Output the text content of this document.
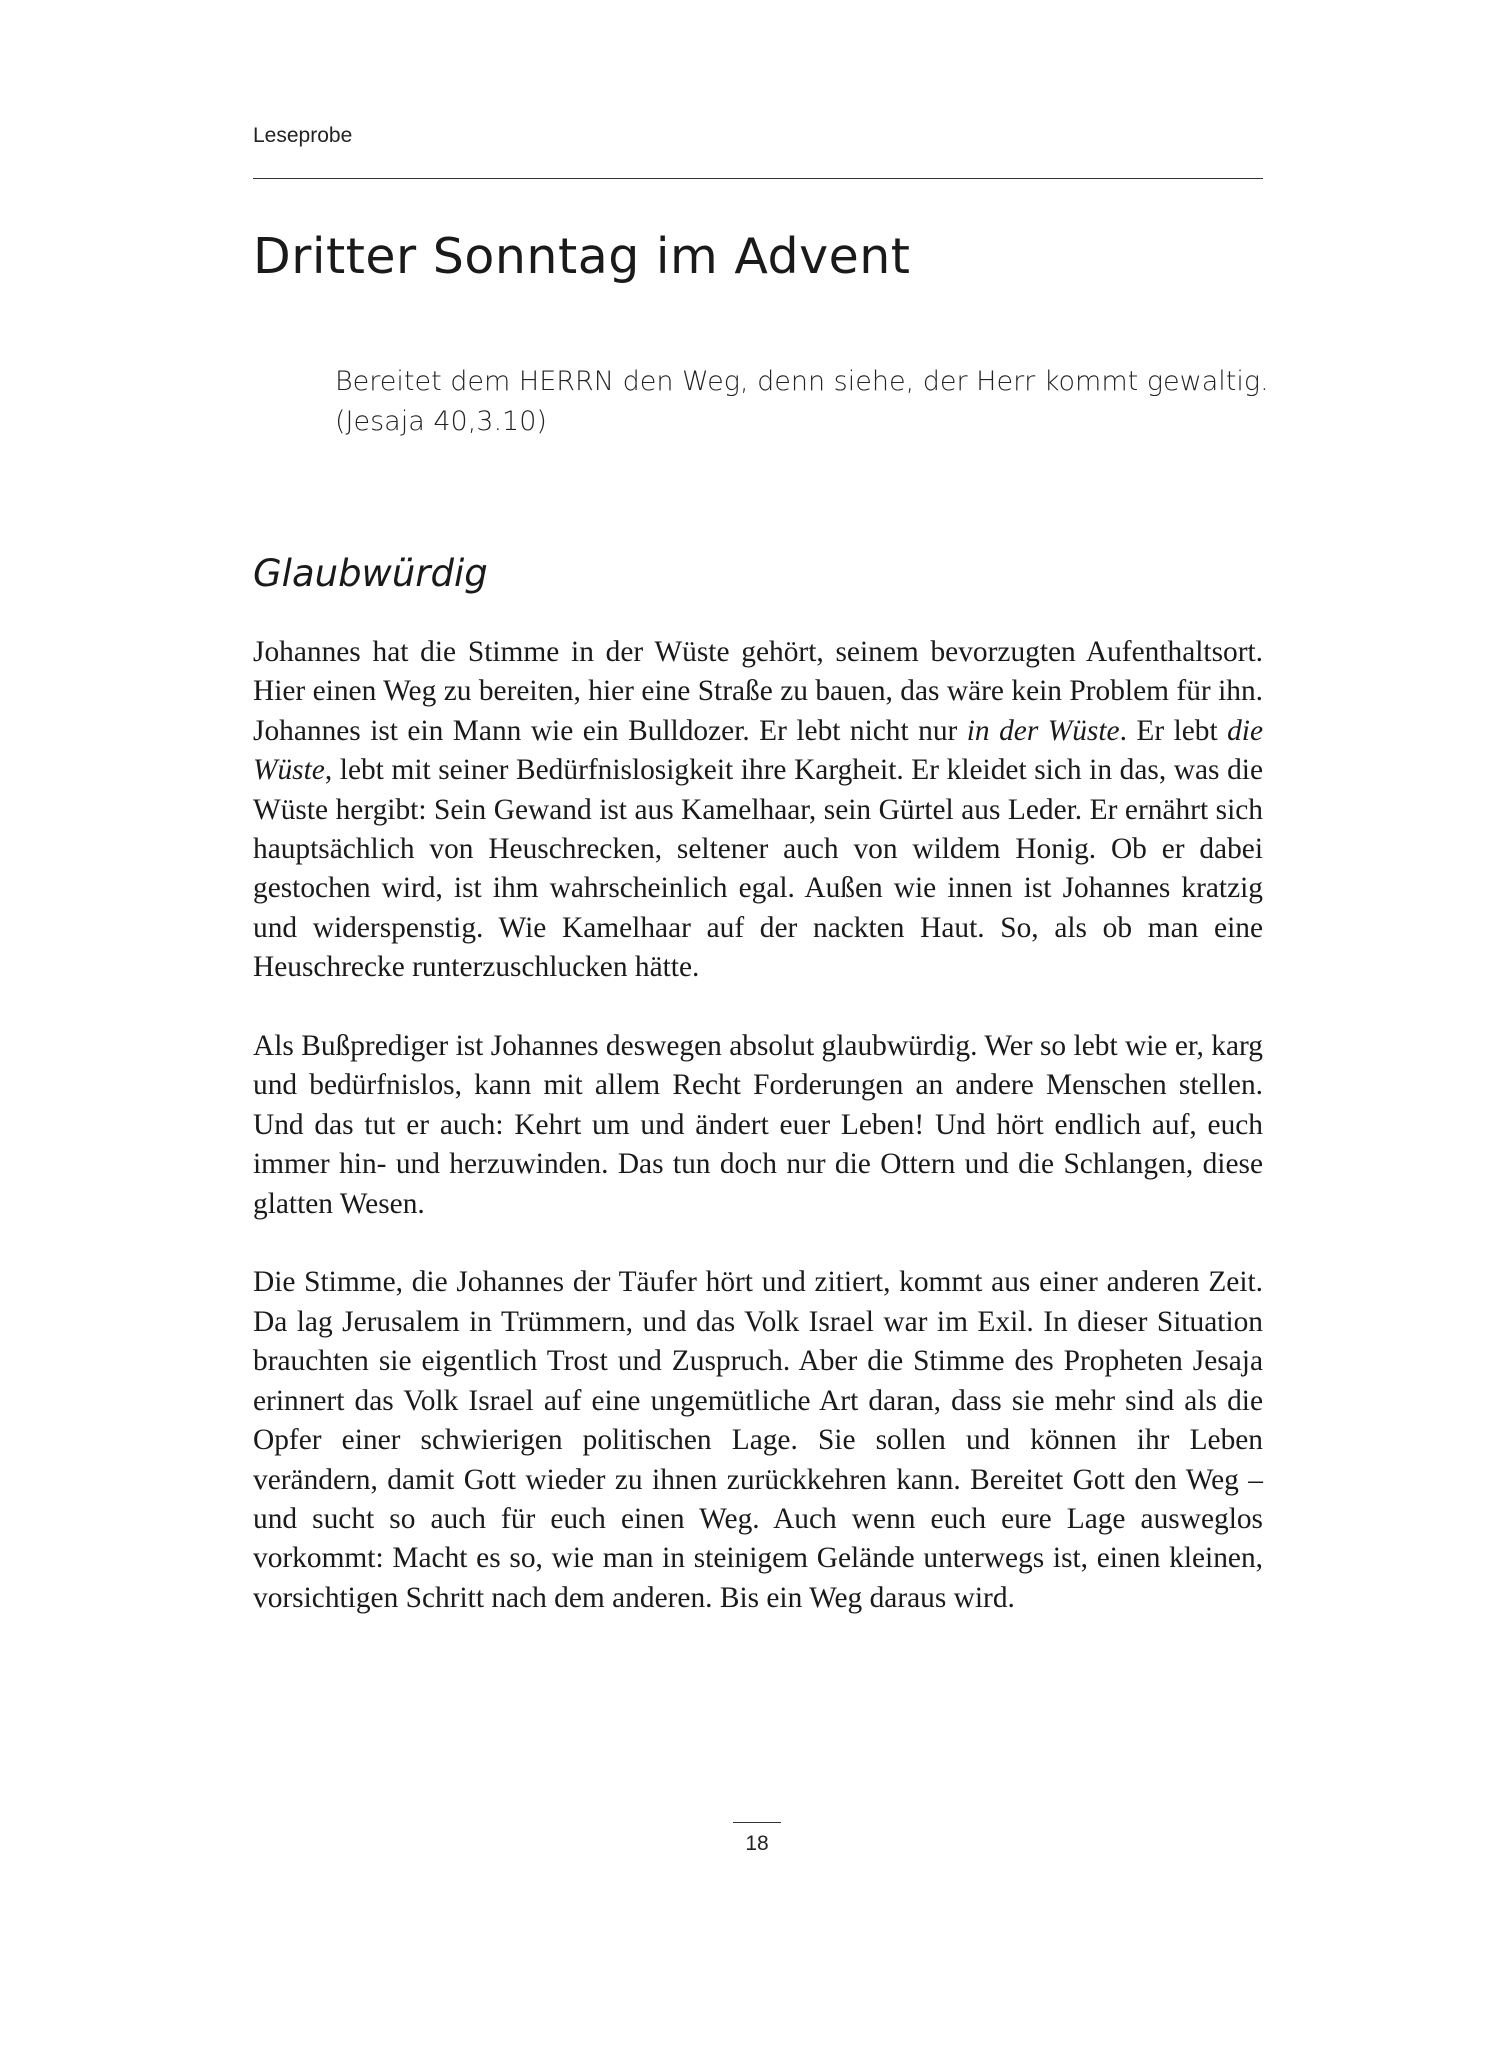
Leseprobe
Dritter Sonntag im Advent
Bereitet dem HERRN den Weg, denn siehe, der Herr kommt gewaltig.
(Jesaja 40,3.10)
Glaubwürdig

Johannes hat die Stimme in der Wüste gehört, seinem bevorzugten Aufenthaltsort. Hier einen Weg zu bereiten, hier eine Straße zu bauen, das wäre kein Problem für ihn. Johannes ist ein Mann wie ein Bulldozer. Er lebt nicht nur in der Wüste. Er lebt die Wüste, lebt mit seiner Bedürfnislosigkeit ihre Kargheit. Er kleidet sich in das, was die Wüste hergibt: Sein Gewand ist aus Kamelhaar, sein Gürtel aus Leder. Er ernährt sich hauptsächlich von Heuschrecken, seltener auch von wildem Honig. Ob er dabei gestochen wird, ist ihm wahrscheinlich egal. Außen wie innen ist Johannes kratzig und widerspenstig. Wie Kamelhaar auf der nackten Haut. So, als ob man eine Heuschrecke runterzuschlucken hätte.

Als Bußprediger ist Johannes deswegen absolut glaubwürdig. Wer so lebt wie er, karg und bedürfnislos, kann mit allem Recht Forderungen an andere Menschen stellen. Und das tut er auch: Kehrt um und ändert euer Leben! Und hört endlich auf, euch immer hin- und herzuwinden. Das tun doch nur die Ottern und die Schlangen, diese glatten Wesen.

Die Stimme, die Johannes der Täufer hört und zitiert, kommt aus einer anderen Zeit. Da lag Jerusalem in Trümmern, und das Volk Israel war im Exil. In dieser Situation brauchten sie eigentlich Trost und Zuspruch. Aber die Stimme des Propheten Jesaja erinnert das Volk Israel auf eine ungemütliche Art daran, dass sie mehr sind als die Opfer einer schwierigen politischen Lage. Sie sollen und können ihr Leben verändern, damit Gott wieder zu ihnen zurückkehren kann. Bereitet Gott den Weg – und sucht so auch für euch einen Weg. Auch wenn euch eure Lage ausweglos vorkommt: Macht es so, wie man in steinigem Gelände unterwegs ist, einen kleinen, vorsichtigen Schritt nach dem anderen. Bis ein Weg daraus wird.

18
